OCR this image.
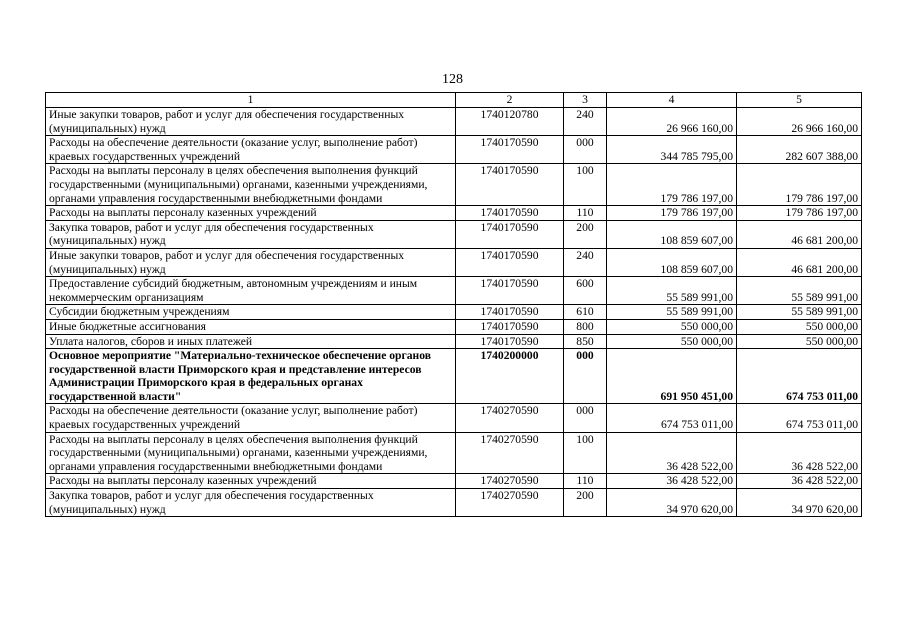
128
1	2	3	4	5
Иные закупки товаров, работ и услуг для обеспечения государственных (муниципальных) нужд	1740120780	240	26 966 160,00	26 966 160,00
Расходы на обеспечение деятельности (оказание услуг, выполнение работ) краевых государственных учреждений	1740170590	000	344 785 795,00	282 607 388,00
Расходы на выплаты персоналу в целях обеспечения выполнения функций государственными (муниципальными) органами, казенными учреждениями, органами управления государственными внебюджетными фондами	1740170590	100	179 786 197,00	179 786 197,00
Расходы на выплаты персоналу казенных учреждений	1740170590	110	179 786 197,00	179 786 197,00
Закупка товаров, работ и услуг для обеспечения государственных (муниципальных) нужд	1740170590	200	108 859 607,00	46 681 200,00
Иные закупки товаров, работ и услуг для обеспечения государственных (муниципальных) нужд	1740170590	240	108 859 607,00	46 681 200,00
Предоставление субсидий бюджетным, автономным учреждениям и иным некоммерческим организациям	1740170590	600	55 589 991,00	55 589 991,00
Субсидии бюджетным учреждениям	1740170590	610	55 589 991,00	55 589 991,00
Иные бюджетные ассигнования	1740170590	800	550 000,00	550 000,00
Уплата налогов, сборов и иных платежей	1740170590	850	550 000,00	550 000,00
Основное мероприятие "Материально-техническое обеспечение органов государственной власти Приморского края и представление интересов Администрации Приморского края в федеральных органах государственной власти"	1740200000	000	691 950 451,00	674 753 011,00
Расходы на обеспечение деятельности (оказание услуг, выполнение работ) краевых государственных учреждений	1740270590	000	674 753 011,00	674 753 011,00
Расходы на выплаты персоналу в целях обеспечения выполнения функций государственными (муниципальными) органами, казенными учреждениями, органами управления государственными внебюджетными фондами	1740270590	100	36 428 522,00	36 428 522,00
Расходы на выплаты персоналу казенных учреждений	1740270590	110	36 428 522,00	36 428 522,00
Закупка товаров, работ и услуг для обеспечения государственных (муниципальных) нужд	1740270590	200	34 970 620,00	34 970 620,00
